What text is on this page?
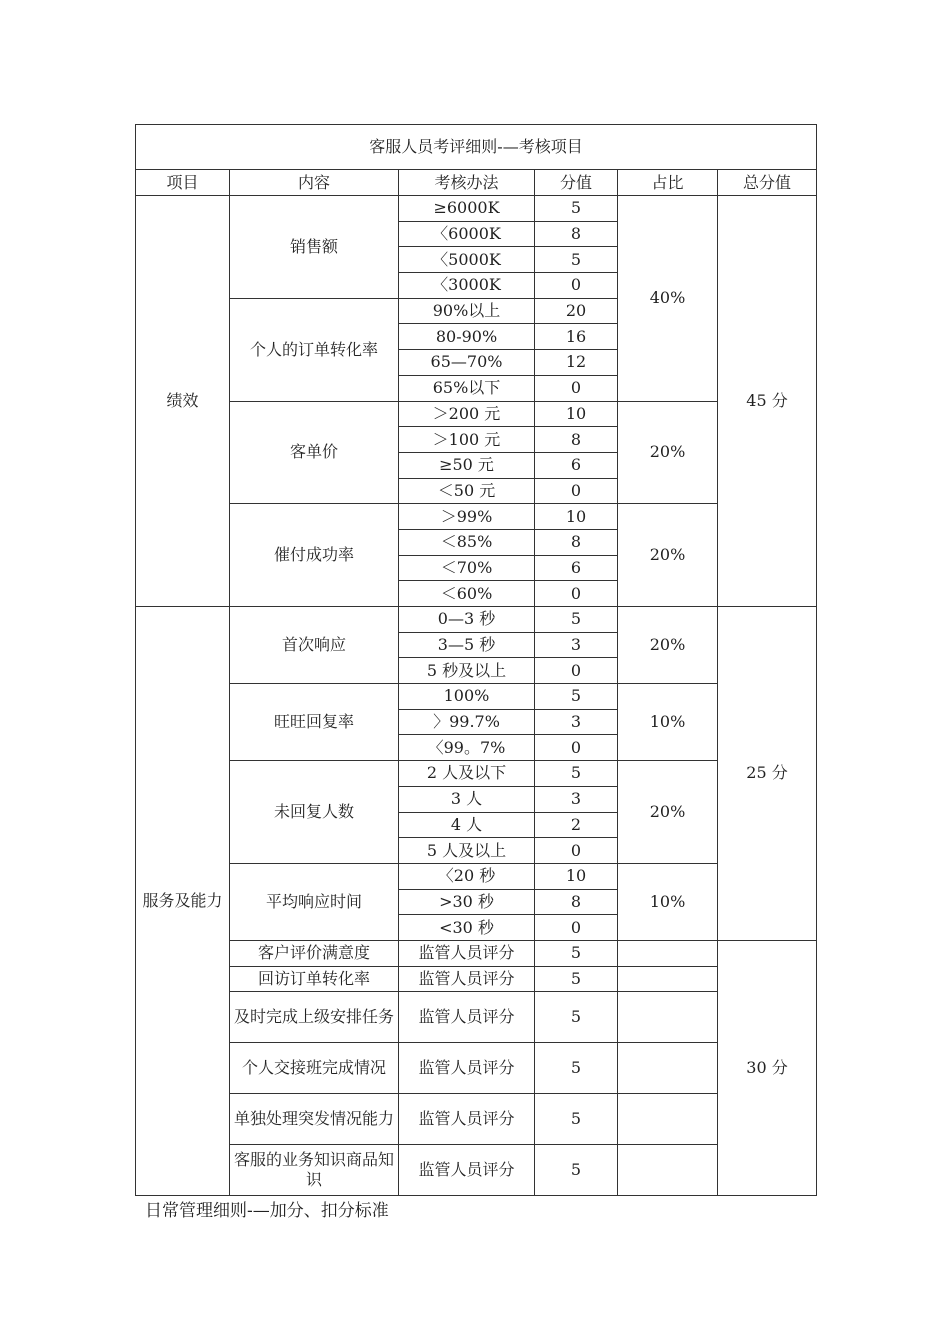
客服人员考评细则-—考核项目					
项目	内容	考核办法	分值	占比	总分值
绩效	销售额	≥6000K	5	40%	45 分
		〈6000K	8		
		〈5000K	5		
		〈3000K	0		
	个人的订单转化率	90%以上	20		
		80-90%	16		
		65—70%	12		
		65%以下	0		
	客单价	＞200 元	10	20%	
		＞100 元	8		
		≥50 元	6		
		＜50 元	0		
	催付成功率	＞99%	10	20%	
		＜85%	8		
		＜70%	6		
		＜60%	0		
服务及能力	首次响应	0—3 秒	5	20%	25 分
		3—5 秒	3		
		5 秒及以上	0		
	旺旺回复率	100%	5	10%	
		〉99.7%	3		
		〈99。7%	0		
	未回复人数	2 人及以下	5	20%	
		3 人	3		
		4 人	2		
		5 人及以上	0		
	平均响应时间	〈20 秒	10	10%	
		>30 秒	8		
		<30 秒	0		
	客户评价满意度	监管人员评分	5		30 分
	回访订单转化率	监管人员评分	5		
	及时完成上级安排任务	监管人员评分	5		
	个人交接班完成情况	监管人员评分	5		
	单独处理突发情况能力	监管人员评分	5		
	客服的业务知识商品知识	监管人员评分	5		
日常管理细则-—加分、扣分标准
